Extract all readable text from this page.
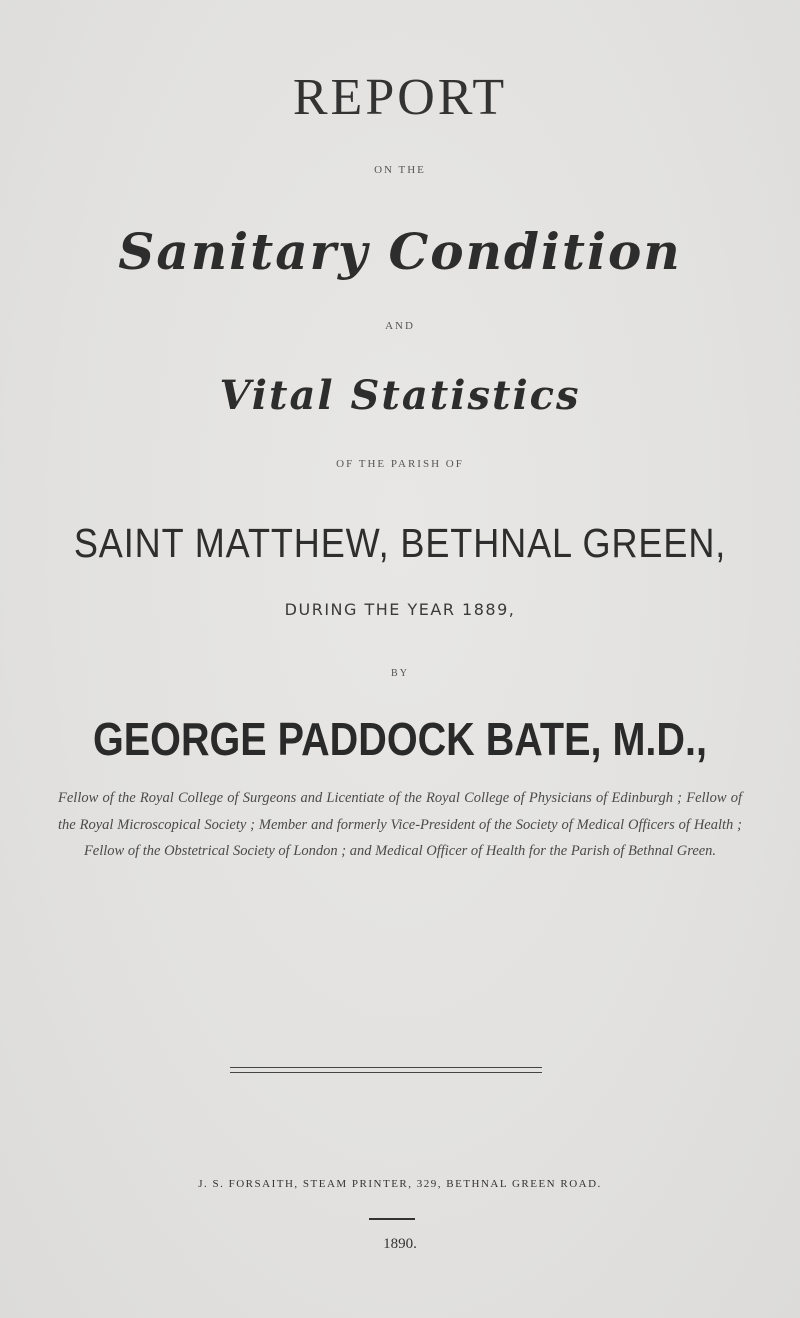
REPORT
ON THE
Sanitary Condition
AND
Vital Statistics
OF THE PARISH OF
SAINT MATTHEW, BETHNAL GREEN,
DURING THE YEAR 1889,
BY
GEORGE PADDOCK BATE, M.D.,
Fellow of the Royal College of Surgeons and Licentiate of the Royal College of Physicians of Edinburgh ; Fellow of the Royal Microscopical Society ; Member and formerly Vice-President of the Society of Medical Officers of Health ; Fellow of the Obstetrical Society of London ; and Medical Officer of Health for the Parish of Bethnal Green.
J. S. FORSAITH, STEAM PRINTER, 329, BETHNAL GREEN ROAD.
1890.
